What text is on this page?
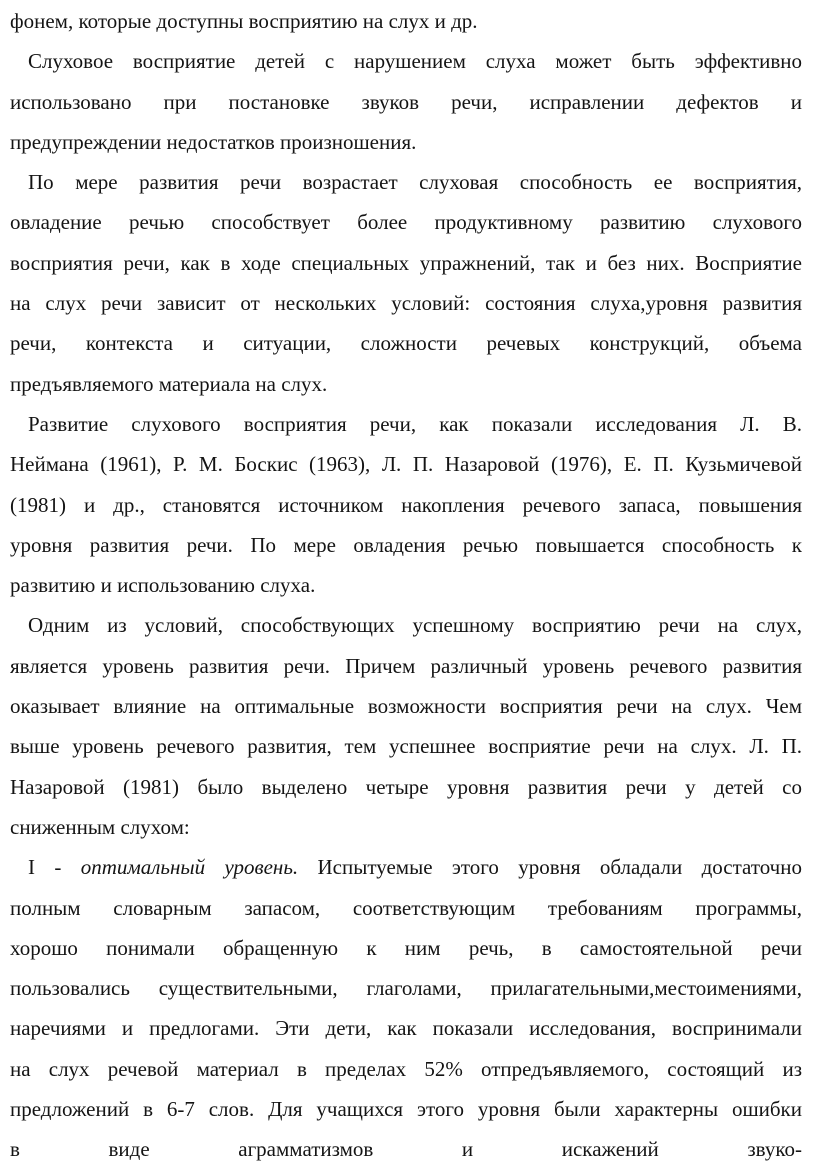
фонем, которые доступны восприятию на слух и др.
Слуховое восприятие детей с нарушением слуха может быть эффективно
использовано при постановке звуков речи, исправлении дефектов и
предупреждении недостатков произношения.
По мере развития речи возрастает слуховая способность ее восприятия,
овладение речью способствует более продуктивному развитию слухового
восприятия речи, как в ходе специальных упражнений, так и без них. Восприятие
на слух речи зависит от нескольких условий: состояния слуха,уровня развития
речи, контекста и ситуации, сложности речевых конструкций, объема
предъявляемого материала на слух.
Развитие слухового восприятия речи, как показали исследования Л. В.
Неймана (1961), Р. М. Боскис (1963), Л. П. Назаровой (1976), Е. П. Кузьмичевой
(1981) и др., становятся источником накопления речевого запаса, повышения
уровня развития речи. По мере овладения речью повышается способность к
развитию и использованию слуха.
Одним из условий, способствующих успешному восприятию речи на слух,
является уровень развития речи. Причем различный уровень речевого развития
оказывает влияние на оптимальные возможности восприятия речи на слух. Чем
выше уровень речевого развития, тем успешнее восприятие речи на слух. Л. П.
Назаровой (1981) было выделено четыре уровня развития речи у детей со
сниженным слухом:
I - оптимальный уровень. Испытуемые этого уровня обладали достаточно
полным словарным запасом, соответствующим требованиям программы,
хорошо понимали обращенную к ним речь, в самостоятельной речи
пользовались существительными, глаголами, прилагательными,местоимениями,
наречиями и предлогами. Эти дети, как показали исследования, воспринимали
на слух речевой материал в пределах 52% отпредъявляемого, состоящий из
предложений в 6-7 слов. Для учащихся этого уровня были характерны ошибки
в виде аграмматизмов и искажений звуко-
